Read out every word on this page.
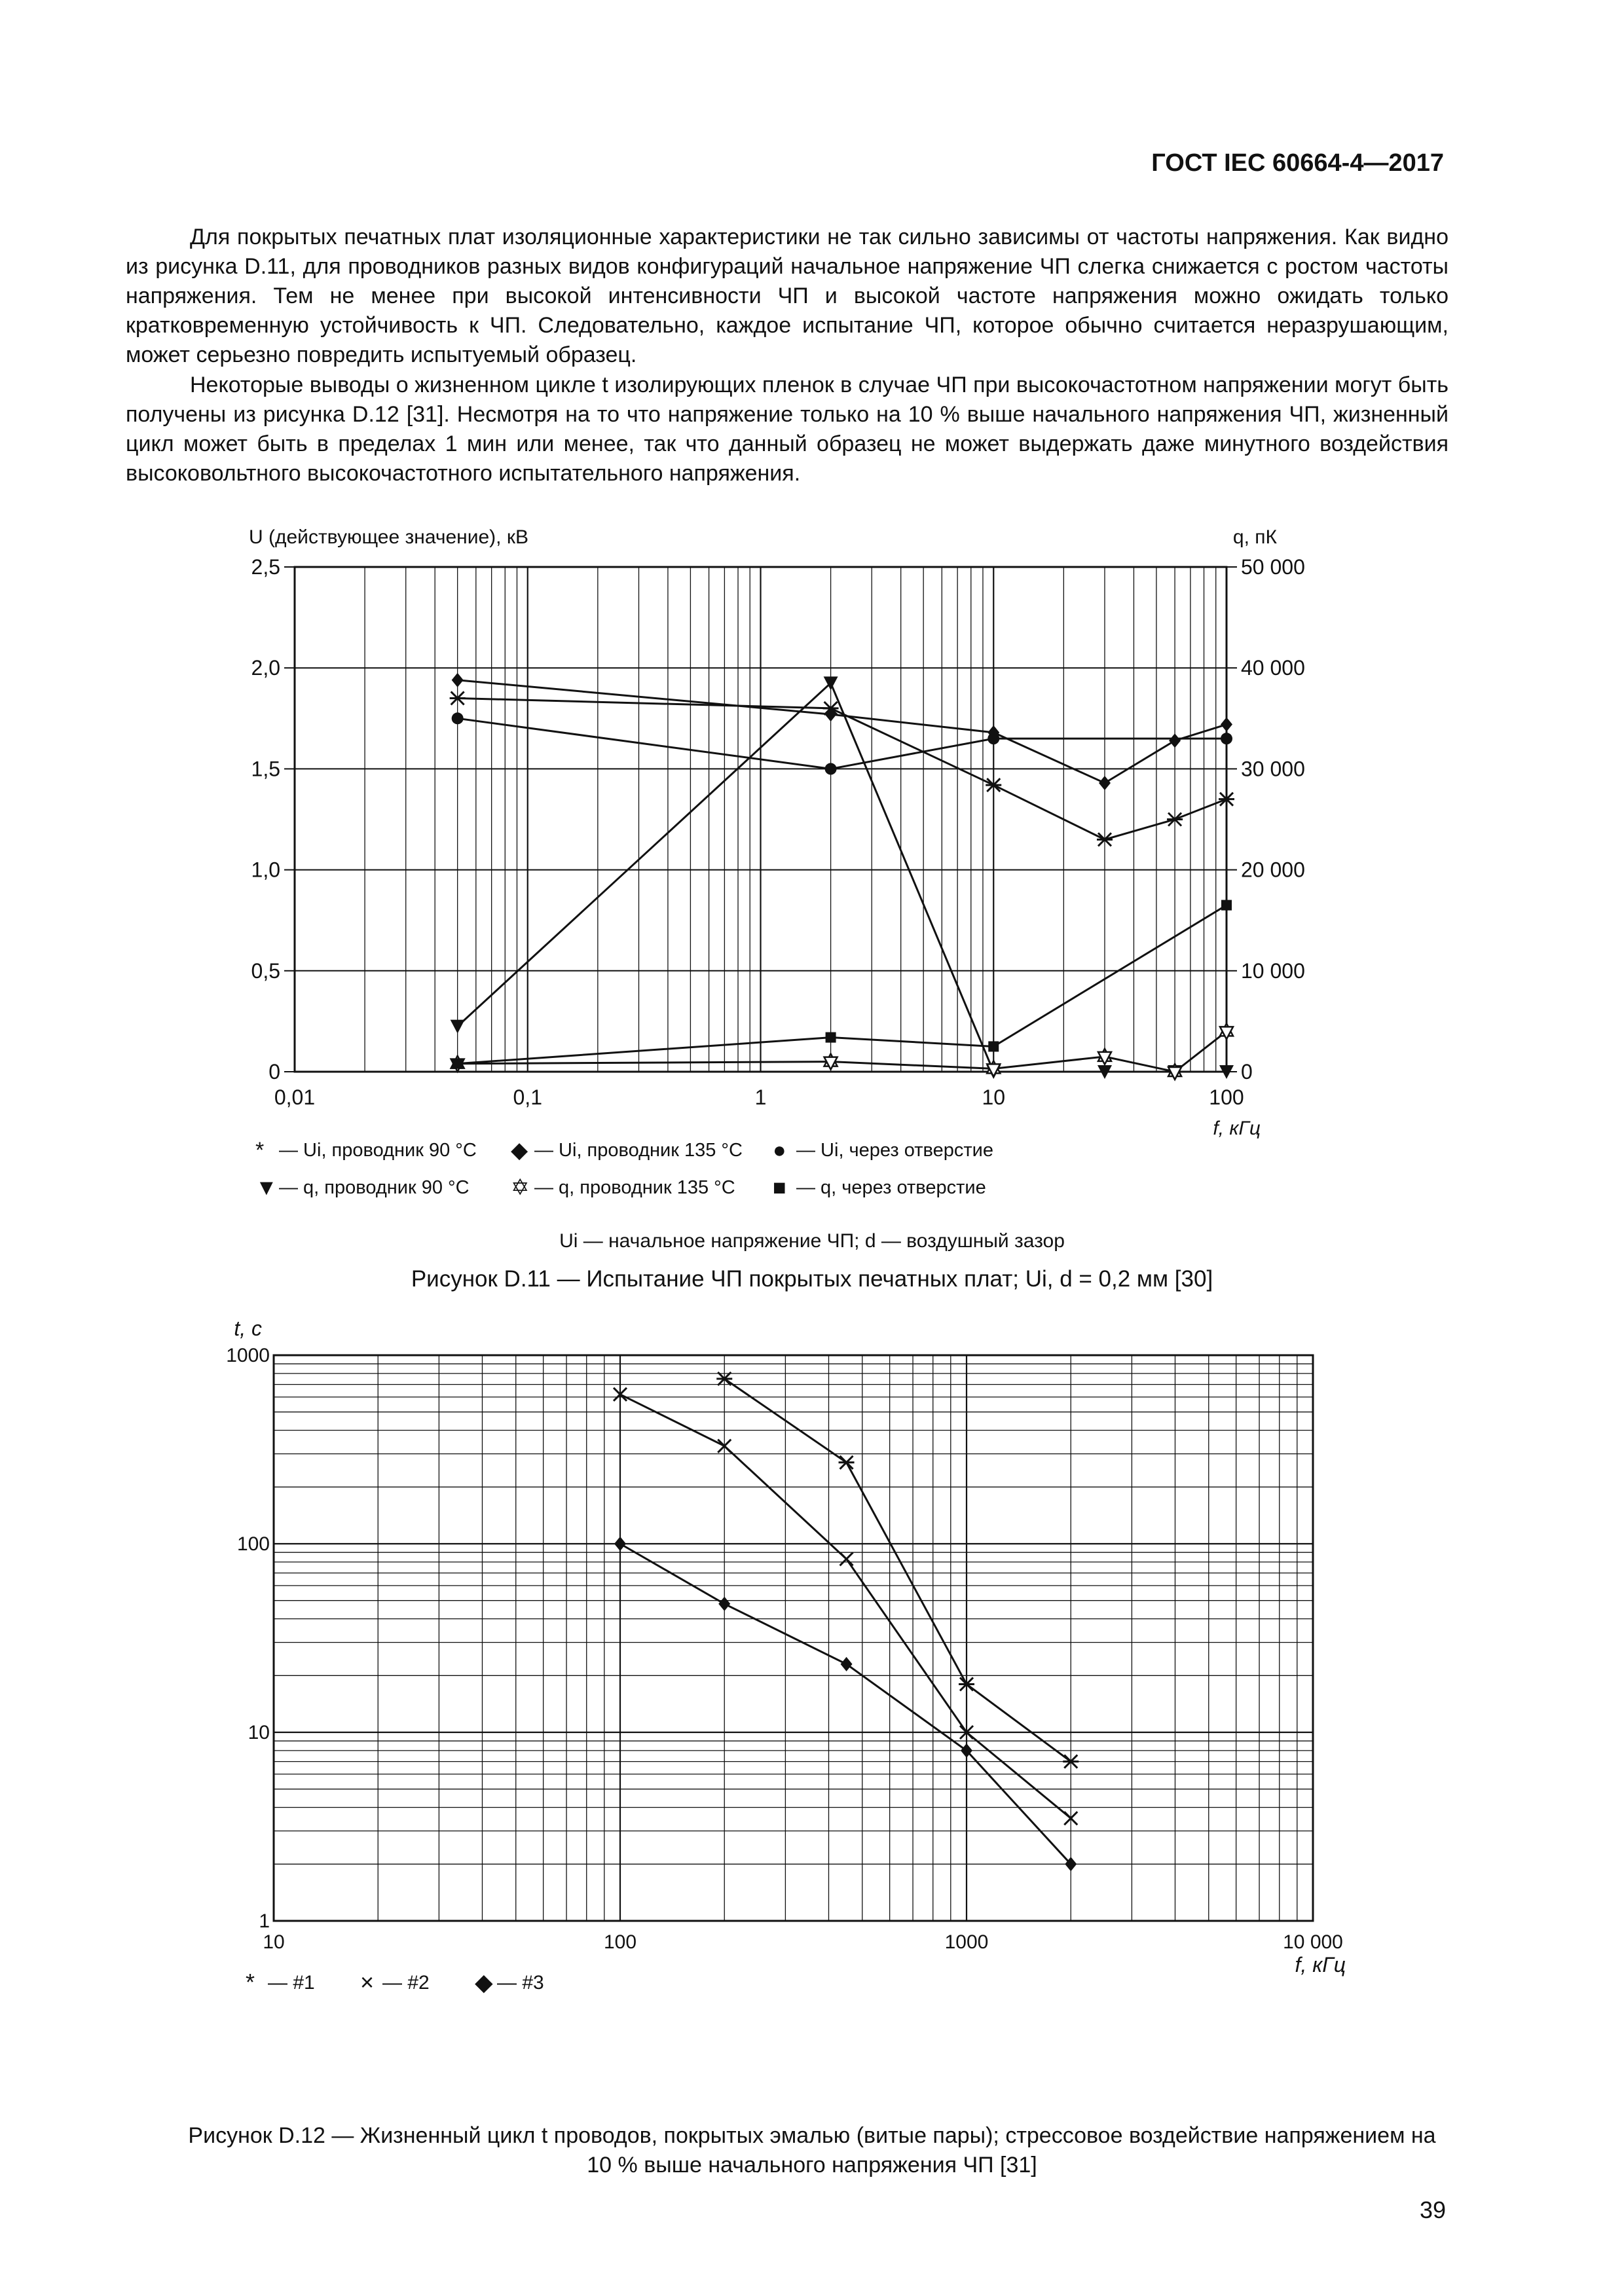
ГОСТ IEC 60664-4—2017

Для покрытых печатных плат изоляционные характеристики не так сильно зависимы от частоты напряжения. Как видно из рисунка D.11, для проводников разных видов конфигураций начальное напряжение ЧП слегка снижается с ростом частоты напряжения. Тем не менее при высокой интенсивности ЧП и высокой частоте напряжения можно ожидать только кратковременную устойчивость к ЧП. Следовательно, каждое испытание ЧП, которое обычно считается неразрушающим, может серьезно повредить испытуемый образец.

Некоторые выводы о жизненном цикле t изолирующих пленок в случае ЧП при высокочастотном напряжении могут быть получены из рисунка D.12 [31]. Несмотря на то что напряжение только на 10 % выше начального напряжения ЧП, жизненный цикл может быть в пределах 1 мин или менее, так что данный образец не может выдержать даже минутного воздействия высоковольтного высокочастотного испытательного напряжения.

0
0,5
1,0
1,5
2,0
2,5
0
10 000
20 000
30 000
40 000
50 000
0,01	0,1	1	10	100
U (действующее значение), кВ	q, пК
f, кГц
* — Ui, проводник 90 °C ◆ — Ui, проводник 135 °C ● — Ui, через отверстие
▼ — q, проводник 90 °C ✡ — q, проводник 135 °C ■ — q, через отверстие
1
10
100
1000
10	100	1000	10 000
t, с
f, кГц
* — #1 × — #2 ◆ — #3
Ui — начальное напряжение ЧП; d — воздушный зазор
Рисунок D.11 — Испытание ЧП покрытых печатных плат; Ui, d = 0,2 мм [30]
Рисунок D.12 — Жизненный цикл t проводов, покрытых эмалью (витые пары); стрессовое воздействие напряжением на 10 % выше начального напряжения ЧП [31]
39
